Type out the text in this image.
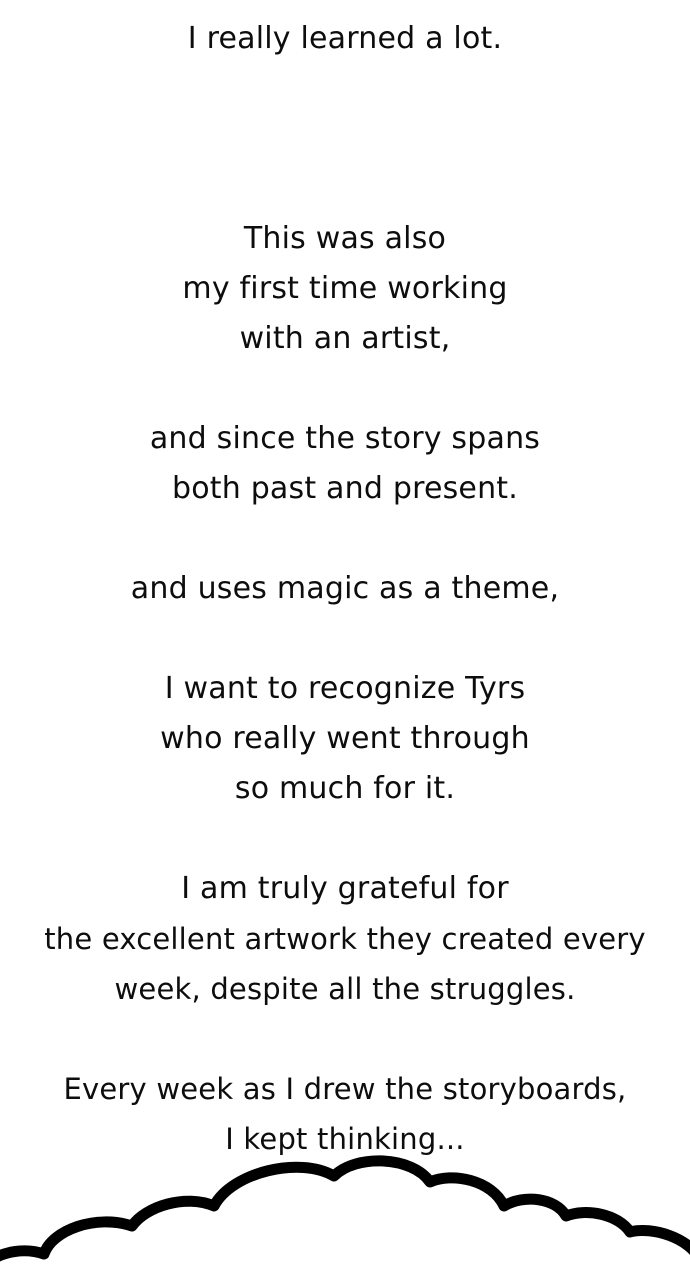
I really learned a lot.
This was also
my first time working
with an artist,
and since the story spans
both past and present.
and uses magic as a theme,
I want to recognize Tyrs
who really went through
so much for it.
I am truly grateful for
the excellent artwork they created every
week, despite all the struggles.
Every week as I drew the storyboards,
I kept thinking...
